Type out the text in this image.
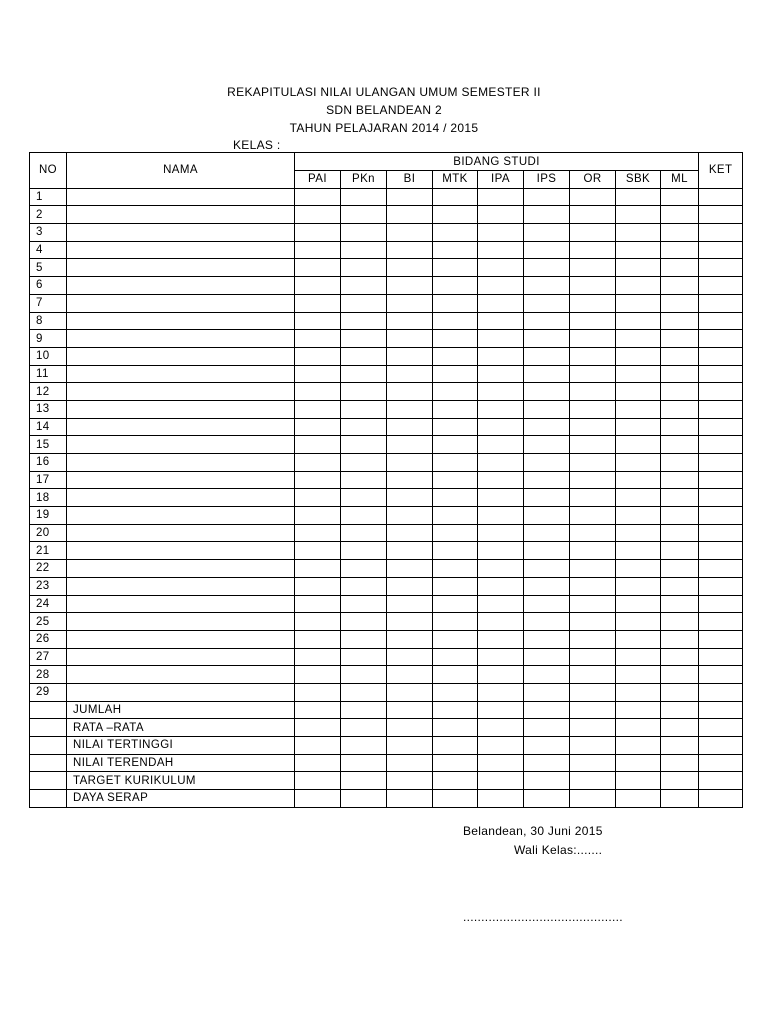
REKAPITULASI NILAI ULANGAN UMUM SEMESTER II
SDN BELANDEAN 2
TAHUN PELAJARAN 2014 / 2015
KELAS :
NO	NAMA	BIDANG STUDI									KET
		PAI	PKn	BI	MTK	IPA	IPS	OR	SBK	ML	
1											
2											
3											
4											
5											
6											
7											
8											
9											
10											
11											
12											
13											
14											
15											
16											
17											
18											
19											
20											
21											
22											
23											
24											
25											
26											
27											
28											
29											
	JUMLAH										
	RATA –RATA										
	NILAI TERTINGGI										
	NILAI TERENDAH										
	TARGET KURIKULUM										
	DAYA SERAP										
Belandean, 30 Juni 2015
Wali Kelas:.......
............................................
